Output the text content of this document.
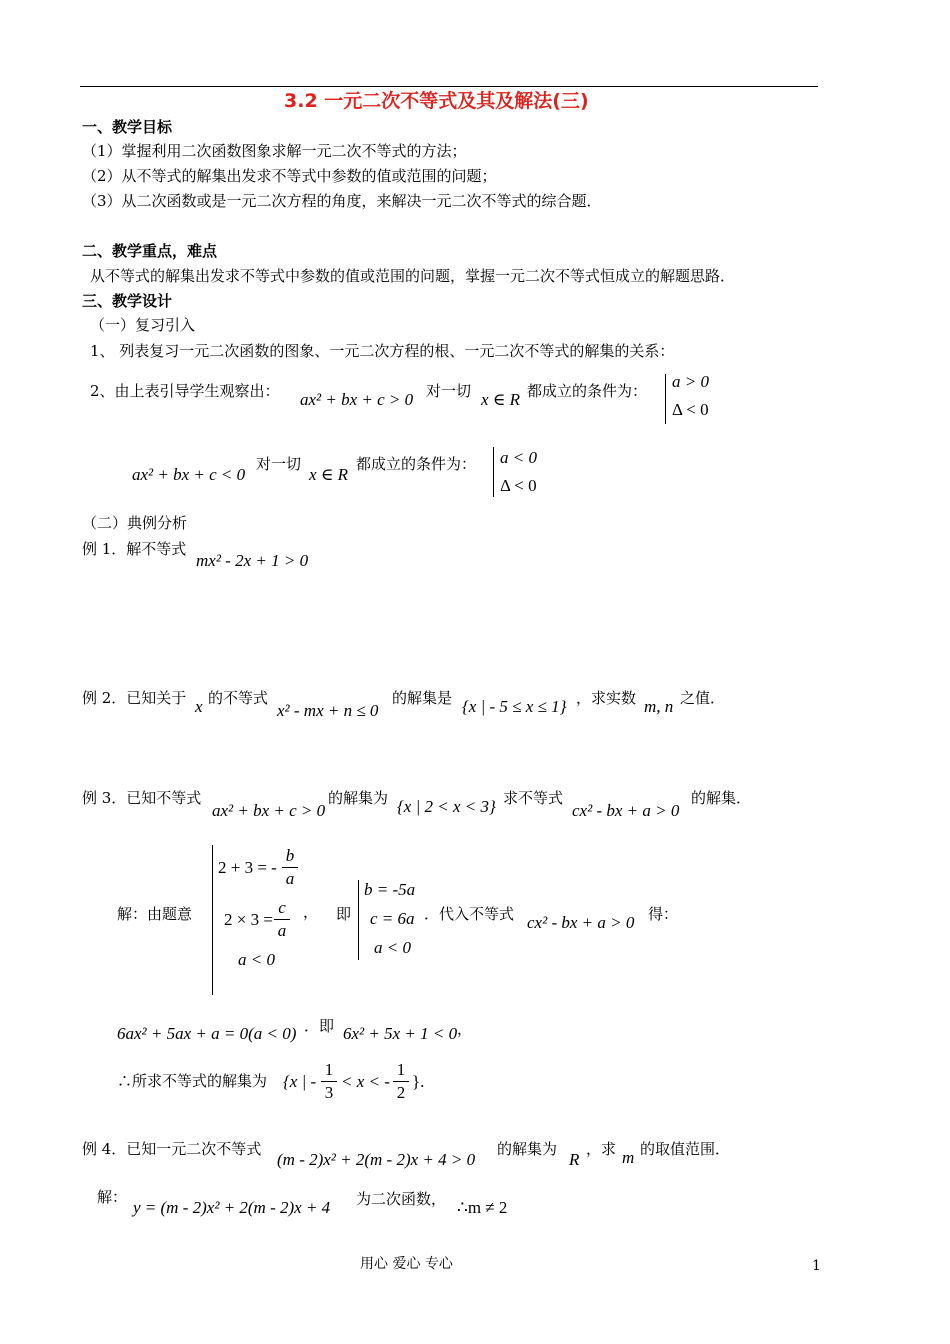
3.2 一元二次不等式及其及解法(三)
一、教学目标
（1）掌握利用二次函数图象求解一元二次不等式的方法；
（2）从不等式的解集出发求不等式中参数的值或范围的问题；
（3）从二次函数或是一元二次方程的角度，来解决一元二次不等式的综合题．
二、教学重点，难点
从不等式的解集出发求不等式中参数的值或范围的问题，掌握一元二次不等式恒成立的解题思路．
三、教学设计
（一）复习引入
1、 列表复习一元二次函数的图象、一元二次方程的根、一元二次不等式的解集的关系：
2、由上表引导学生观察出： ax² + bx + c > 0 对一切 x ∈ R 都成立的条件为： a > 0
Δ < 0
ax² + bx + c < 0
对一切
x ∈ R
都成立的条件为： a < 0
Δ < 0
（二）典例分析
例 1．解不等式
mx² - 2x + 1 > 0
例 2．已知关于 x 的不等式
x² - mx + n ≤ 0
的解集是 {x | - 5 ≤ x ≤ 1} ，求实数 m, n 之值．
例 3．已知不等式
ax² + bx + c > 0
的解集为 {x | 2 < x < 3} 求不等式
cx² - bx + a > 0
的解集．
解：由题意
2 + 3 = -
b
a
2 × 3 =
c
a
a < 0
， 即
b = -5a
c = 6a
a < 0
．代入不等式 cx² - bx + a > 0 得：
6ax² + 5ax + a = 0(a < 0) ．即 6x² + 5x + 1 < 0 ，
∴所求不等式的解集为 {x | -
1
3
< x < -
1
2
}.
例 4．已知一元二次不等式
(m - 2)x² + 2(m - 2)x + 4 > 0
的解集为
R
，求 m 的取值范围．
解：
y = (m - 2)x² + 2(m - 2)x + 4 为二次函数， ∴m ≠ 2
用心 爱心 专心	1
